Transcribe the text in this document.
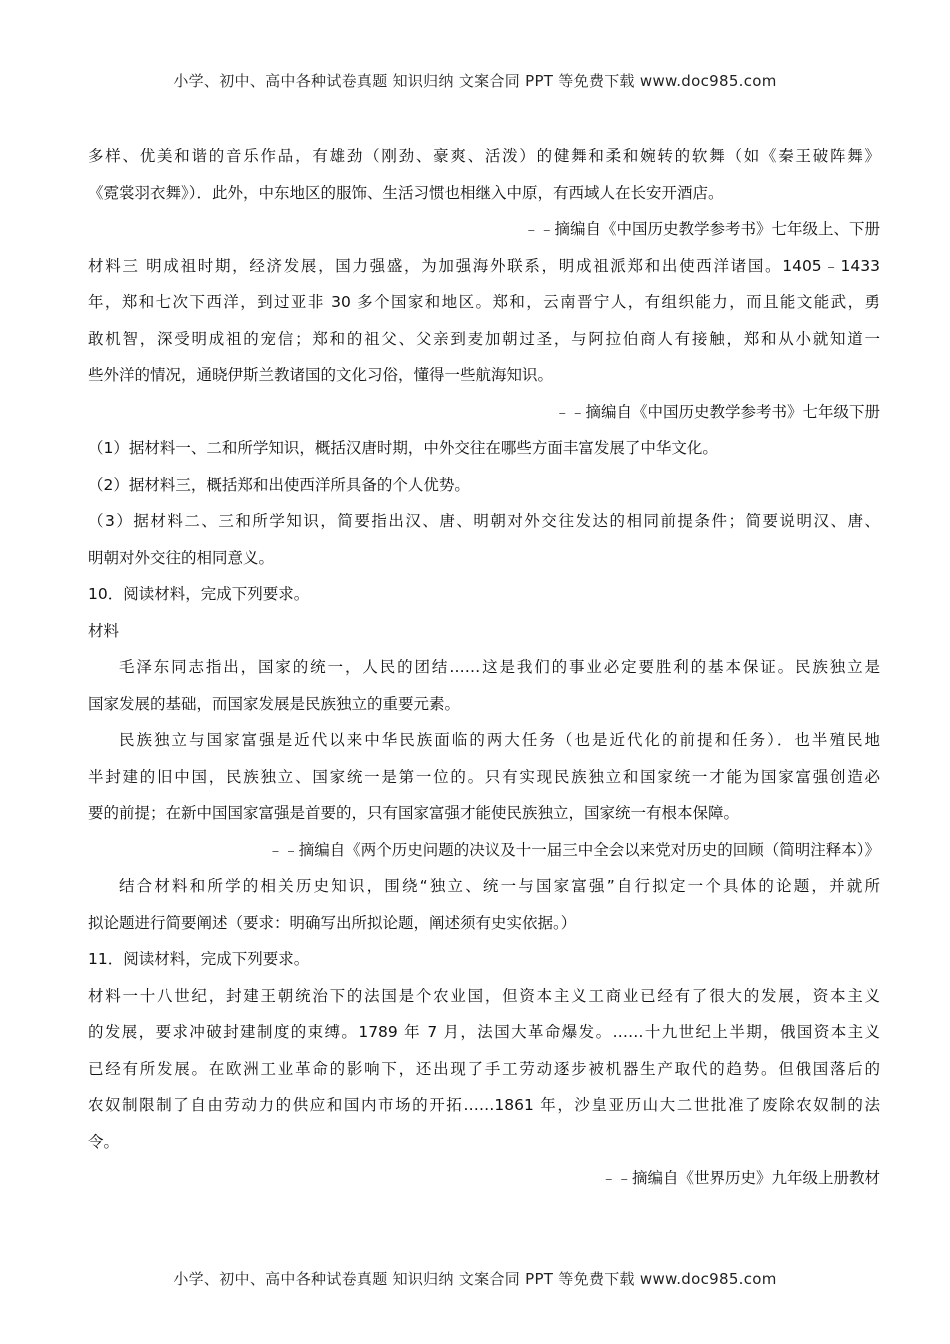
小学、初中、高中各种试卷真题 知识归纳 文案合同 PPT 等免费下载 www.doc985.com
多样、优美和谐的音乐作品，有雄劲（刚劲、豪爽、活泼）的健舞和柔和婉转的软舞（如《秦王破阵舞》
《霓裳羽衣舞》）．此外，中东地区的服饰、生活习惯也相继入中原，有西域人在长安开酒店。
﹣﹣摘编自《中国历史教学参考书》七年级上、下册
材料三 明成祖时期，经济发展，国力强盛，为加强海外联系，明成祖派郑和出使西洋诸国。1405﹣1433
年，郑和七次下西洋，到过亚非 30 多个国家和地区。郑和，云南晋宁人，有组织能力，而且能文能武，勇
敢机智，深受明成祖的宠信；郑和的祖父、父亲到麦加朝过圣，与阿拉伯商人有接触，郑和从小就知道一
些外洋的情况，通晓伊斯兰教诸国的文化习俗，懂得一些航海知识。
﹣﹣摘编自《中国历史教学参考书》七年级下册
（1）据材料一、二和所学知识，概括汉唐时期，中外交往在哪些方面丰富发展了中华文化。
（2）据材料三，概括郑和出使西洋所具备的个人优势。
（3）据材料二、三和所学知识，简要指出汉、唐、明朝对外交往发达的相同前提条件；简要说明汉、唐、
明朝对外交往的相同意义。
10．阅读材料，完成下列要求。
材料
毛泽东同志指出，国家的统一，人民的团结……这是我们的事业必定要胜利的基本保证。民族独立是
国家发展的基础，而国家发展是民族独立的重要元素。
民族独立与国家富强是近代以来中华民族面临的两大任务（也是近代化的前提和任务）．也半殖民地
半封建的旧中国，民族独立、国家统一是第一位的。只有实现民族独立和国家统一才能为国家富强创造必
要的前提；在新中国国家富强是首要的，只有国家富强才能使民族独立，国家统一有根本保障。
﹣﹣摘编自《两个历史问题的决议及十一届三中全会以来党对历史的回顾（简明注释本）》
结合材料和所学的相关历史知识，围绕“独立、统一与国家富强”自行拟定一个具体的论题，并就所
拟论题进行简要阐述（要求：明确写出所拟论题，阐述须有史实依据。）
11．阅读材料，完成下列要求。
材料一十八世纪，封建王朝统治下的法国是个农业国，但资本主义工商业已经有了很大的发展，资本主义
的发展，要求冲破封建制度的束缚。1789 年 7 月，法国大革命爆发。……十九世纪上半期，俄国资本主义
已经有所发展。在欧洲工业革命的影响下，还出现了手工劳动逐步被机器生产取代的趋势。但俄国落后的
农奴制限制了自由劳动力的供应和国内市场的开拓……1861 年，沙皇亚历山大二世批准了废除农奴制的法
令。
﹣﹣摘编自《世界历史》九年级上册教材
小学、初中、高中各种试卷真题 知识归纳 文案合同 PPT 等免费下载 www.doc985.com
